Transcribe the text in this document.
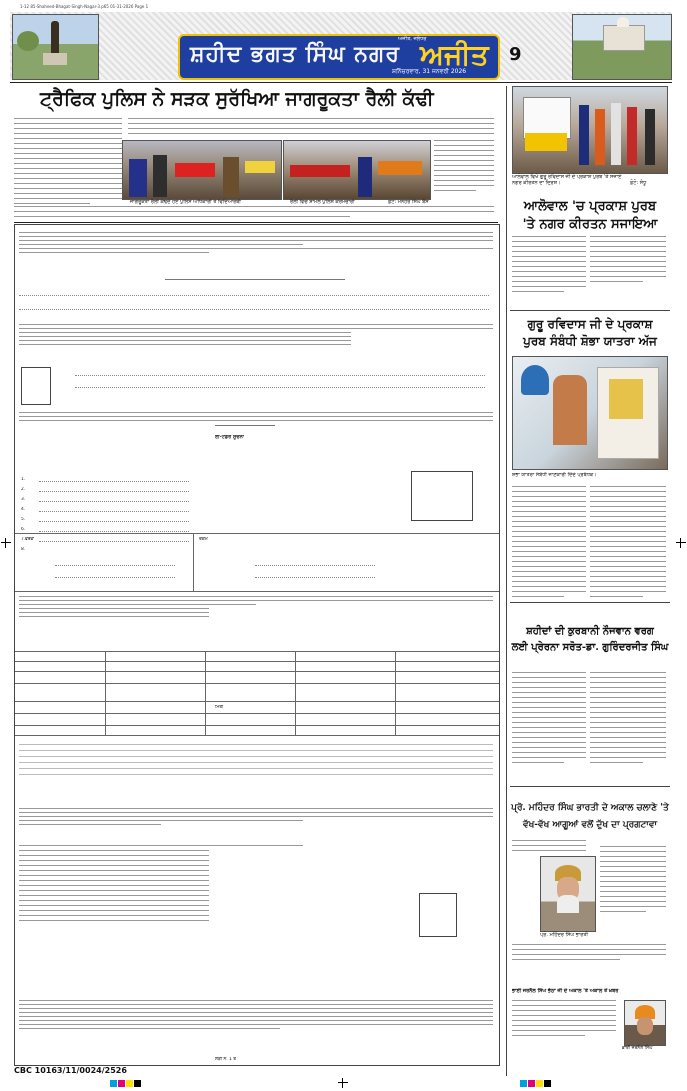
1-12 85-Shaheed-Bhagat-Singh-Nagar-3.p65 01-31-2026 Page 1
ਸ਼ਹੀਦ ਭਗਤ ਸਿੰਘ ਨਗਰ
ਅਜੀਤ, ਜਲੰਧਰ
ਅਜੀਤ
ਸ਼ਨਿੱਚਰਵਾਰ, 31 ਜਨਵਰੀ 2026
9
ਟ੍ਰੈਫਿਕ ਪੁਲਿਸ ਨੇ ਸੜਕ ਸੁਰੱਖਿਆ ਜਾਗਰੂਕਤਾ ਰੈਲੀ ਕੱਢੀ
ਜਾਗਰੂਕਤਾ ਰੈਲੀ ਕੱਢਦੇ ਹੋਏ ਪੁਲਿਸ ਅਧਿਕਾਰੀ ਤੇ ਵਿਦਿਆਰਥੀ	ਰੈਲੀ ਵਿਚ ਸ਼ਾਮਲ ਪੁਲਿਸ ਕਰਮਚਾਰੀ	ਫ਼ੋਟੋ: ਮਨੋਹਰ ਸਿੰਘ ਬੈਂਸ
ਈ-ਟੈਂਡਰ ਸੂਚਨਾ
1.
2.
3.
4.
5.
6.
7.
8.
ਵੇਰਵਾ	ਰਕਮ
ਮਿਤੀ
ਲੜੀ ਨੰ. 1 ਤੋਂ
CBC 10163/11/0024/2526
ਆਲੋਵਾਲ ਵਿਖੇ ਗੁਰੂ ਰਵਿਦਾਸ ਜੀ ਦੇ ਪ੍ਰਕਾਸ਼ ਪੁਰਬ 'ਤੇ ਸਜਾਏ ਨਗਰ ਕੀਰਤਨ ਦਾ ਦ੍ਰਿਸ਼।	ਫ਼ੋਟੋ: ਸੰਧੂ
ਆਲੋਵਾਲ 'ਚ ਪ੍ਰਕਾਸ਼ ਪੁਰਬ
'ਤੇ ਨਗਰ ਕੀਰਤਨ ਸਜਾਇਆ
ਗੁਰੂ ਰਵਿਦਾਸ ਜੀ ਦੇ ਪ੍ਰਕਾਸ਼
ਪੁਰਬ ਸੰਬੰਧੀ ਸ਼ੋਭਾ ਯਾਤਰਾ ਅੱਜ
ਸ਼ੋਭਾ ਯਾਤਰਾ ਸੰਬੰਧੀ ਜਾਣਕਾਰੀ ਦਿੰਦੇ ਪ੍ਰਬੰਧਕ।
ਸ਼ਹੀਦਾਂ ਦੀ ਕੁਰਬਾਨੀ ਨੌਜਵਾਨ ਵਰਗ
ਲਈ ਪ੍ਰੇਰਨਾ ਸਰੋਤ-ਡਾ. ਗੁਰਿੰਦਰਜੀਤ ਸਿੰਘ
ਪ੍ਰੋ. ਮਹਿੰਦਰ ਸਿੰਘ ਭਾਰਤੀ ਦੇ ਅਕਾਲ ਚਲਾਣੇ 'ਤੇ
ਵੱਖ-ਵੱਖ ਆਗੂਆਂ ਵਲੋਂ ਦੁੱਖ ਦਾ ਪ੍ਰਗਟਾਵਾ
ਪ੍ਰੋ. ਮਹਿੰਦਰ ਸਿੰਘ ਭਾਰਤੀ
ਭਾਈ ਜਰਨੈਲ ਸਿੰਘ ਭੱਠਾ ਜੀ ਦੇ ਅਕਾਲ 'ਤੇ ਅਕਾਲ ਤੋਂ ਖ਼ਬਰ
ਭਾਈ ਜਰਨੈਲ ਸਿੰਘ
